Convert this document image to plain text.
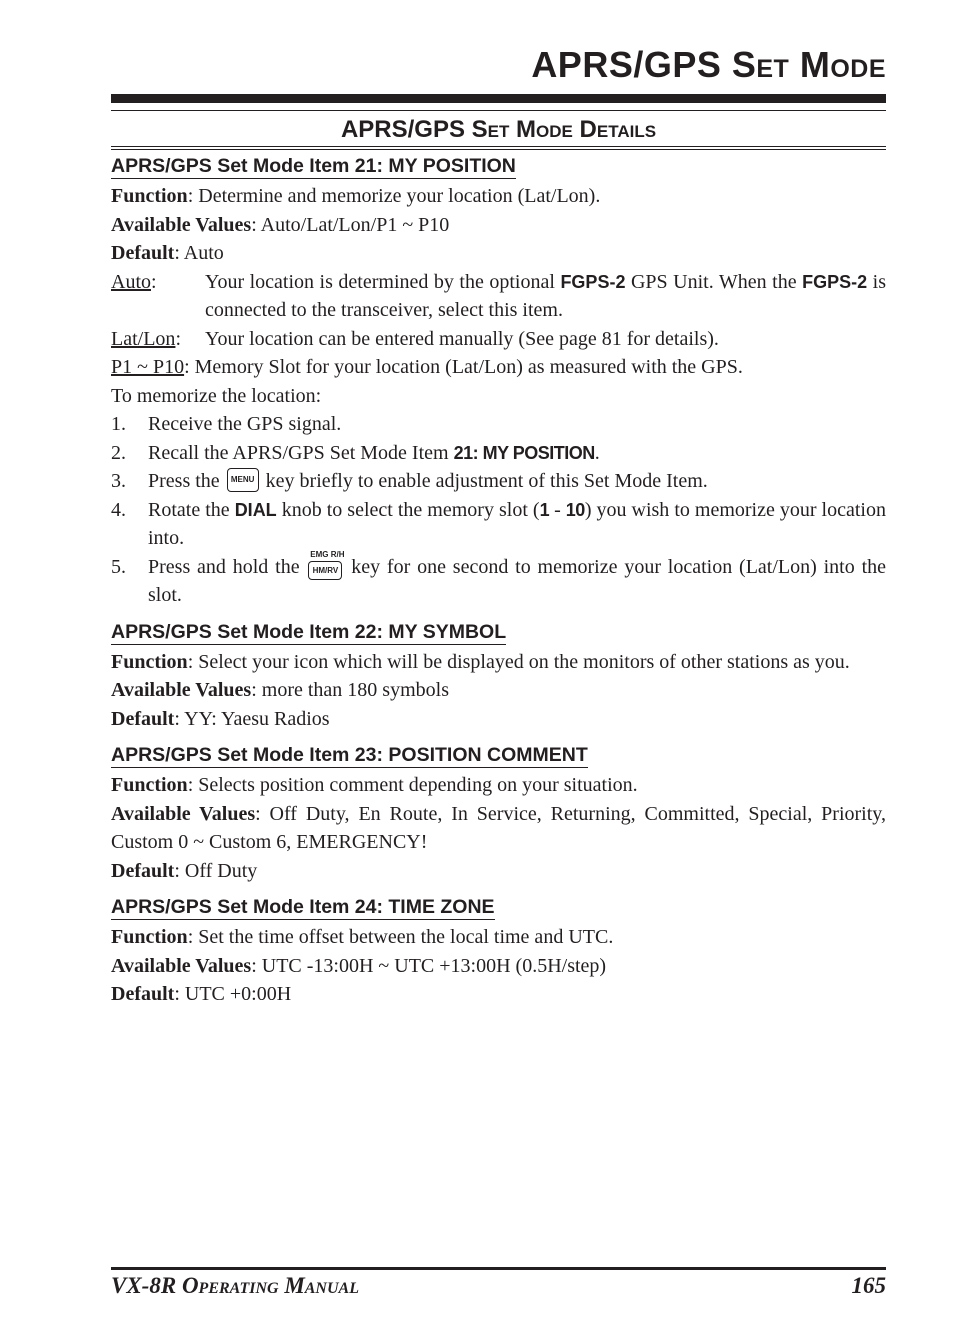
APRS/GPS Set Mode
APRS/GPS Set Mode Details
APRS/GPS Set Mode Item 21: MY POSITION
Function: Determine and memorize your location (Lat/Lon).
Available Values: Auto/Lat/Lon/P1 ~ P10
Default: Auto
Auto:	Your location is determined by the optional FGPS-2 GPS Unit. When the FGPS-2 is connected to the transceiver, select this item.
Lat/Lon:	Your location can be entered manually (See page 81 for details).
P1 ~ P10: Memory Slot for your location (Lat/Lon) as measured with the GPS.
To memorize the location:
1.	Receive the GPS signal.
2.	Recall the APRS/GPS Set Mode Item 21: MY POSITION.
3.	Press the MENU key briefly to enable adjustment of this Set Mode Item.
4.	Rotate the DIAL knob to select the memory slot (1 - 10) you wish to memorize your location into.
5.	Press and hold the
EMG R/H
HM/RV key for one second to memorize your location (Lat/Lon) into the slot.
APRS/GPS Set Mode Item 22: MY SYMBOL
Function: Select your icon which will be displayed on the monitors of other stations as you.
Available Values: more than 180 symbols
Default: YY: Yaesu Radios
APRS/GPS Set Mode Item 23: POSITION COMMENT
Function: Selects position comment depending on your situation.
Available Values: Off Duty, En Route, In Service, Returning, Committed, Special, Priority, Custom 0 ~ Custom 6, EMERGENCY!
Default: Off Duty
APRS/GPS Set Mode Item 24: TIME ZONE
Function: Set the time offset between the local time and UTC.
Available Values: UTC -13:00H ~ UTC +13:00H (0.5H/step)
Default: UTC +0:00H
VX-8R Operating Manual	165
